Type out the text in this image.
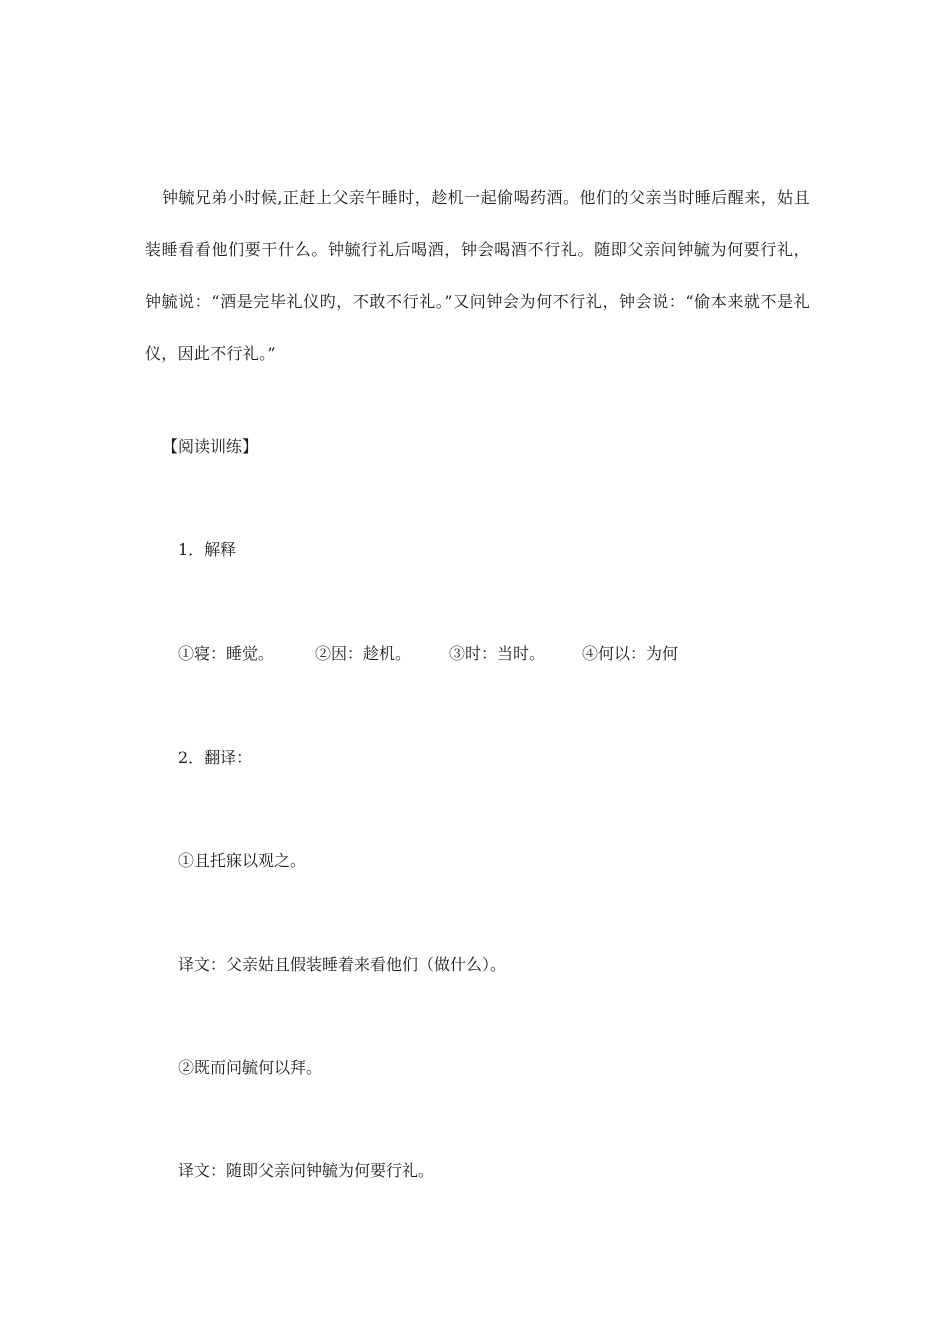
钟毓兄弟小时候,正赶上父亲午睡时，趁机一起偷喝药酒。他们的父亲当时睡后醒来，姑且装睡看看他们要干什么。钟毓行礼后喝酒，钟会喝酒不行礼。随即父亲问钟毓为何要行礼，钟毓说：“酒是完毕礼仪旳，不敢不行礼。”又问钟会为何不行礼，钟会说：“偷本来就不是礼仪，因此不行礼。”

【阅读训练】
1．解释
①寝：睡觉。	②因：趁机。	③时：当时。	④何以：为何
2．翻译：
①且托寐以观之。
译文：父亲姑且假装睡着来看他们（做什么）。
②既而问毓何以拜。
译文：随即父亲问钟毓为何要行礼。
